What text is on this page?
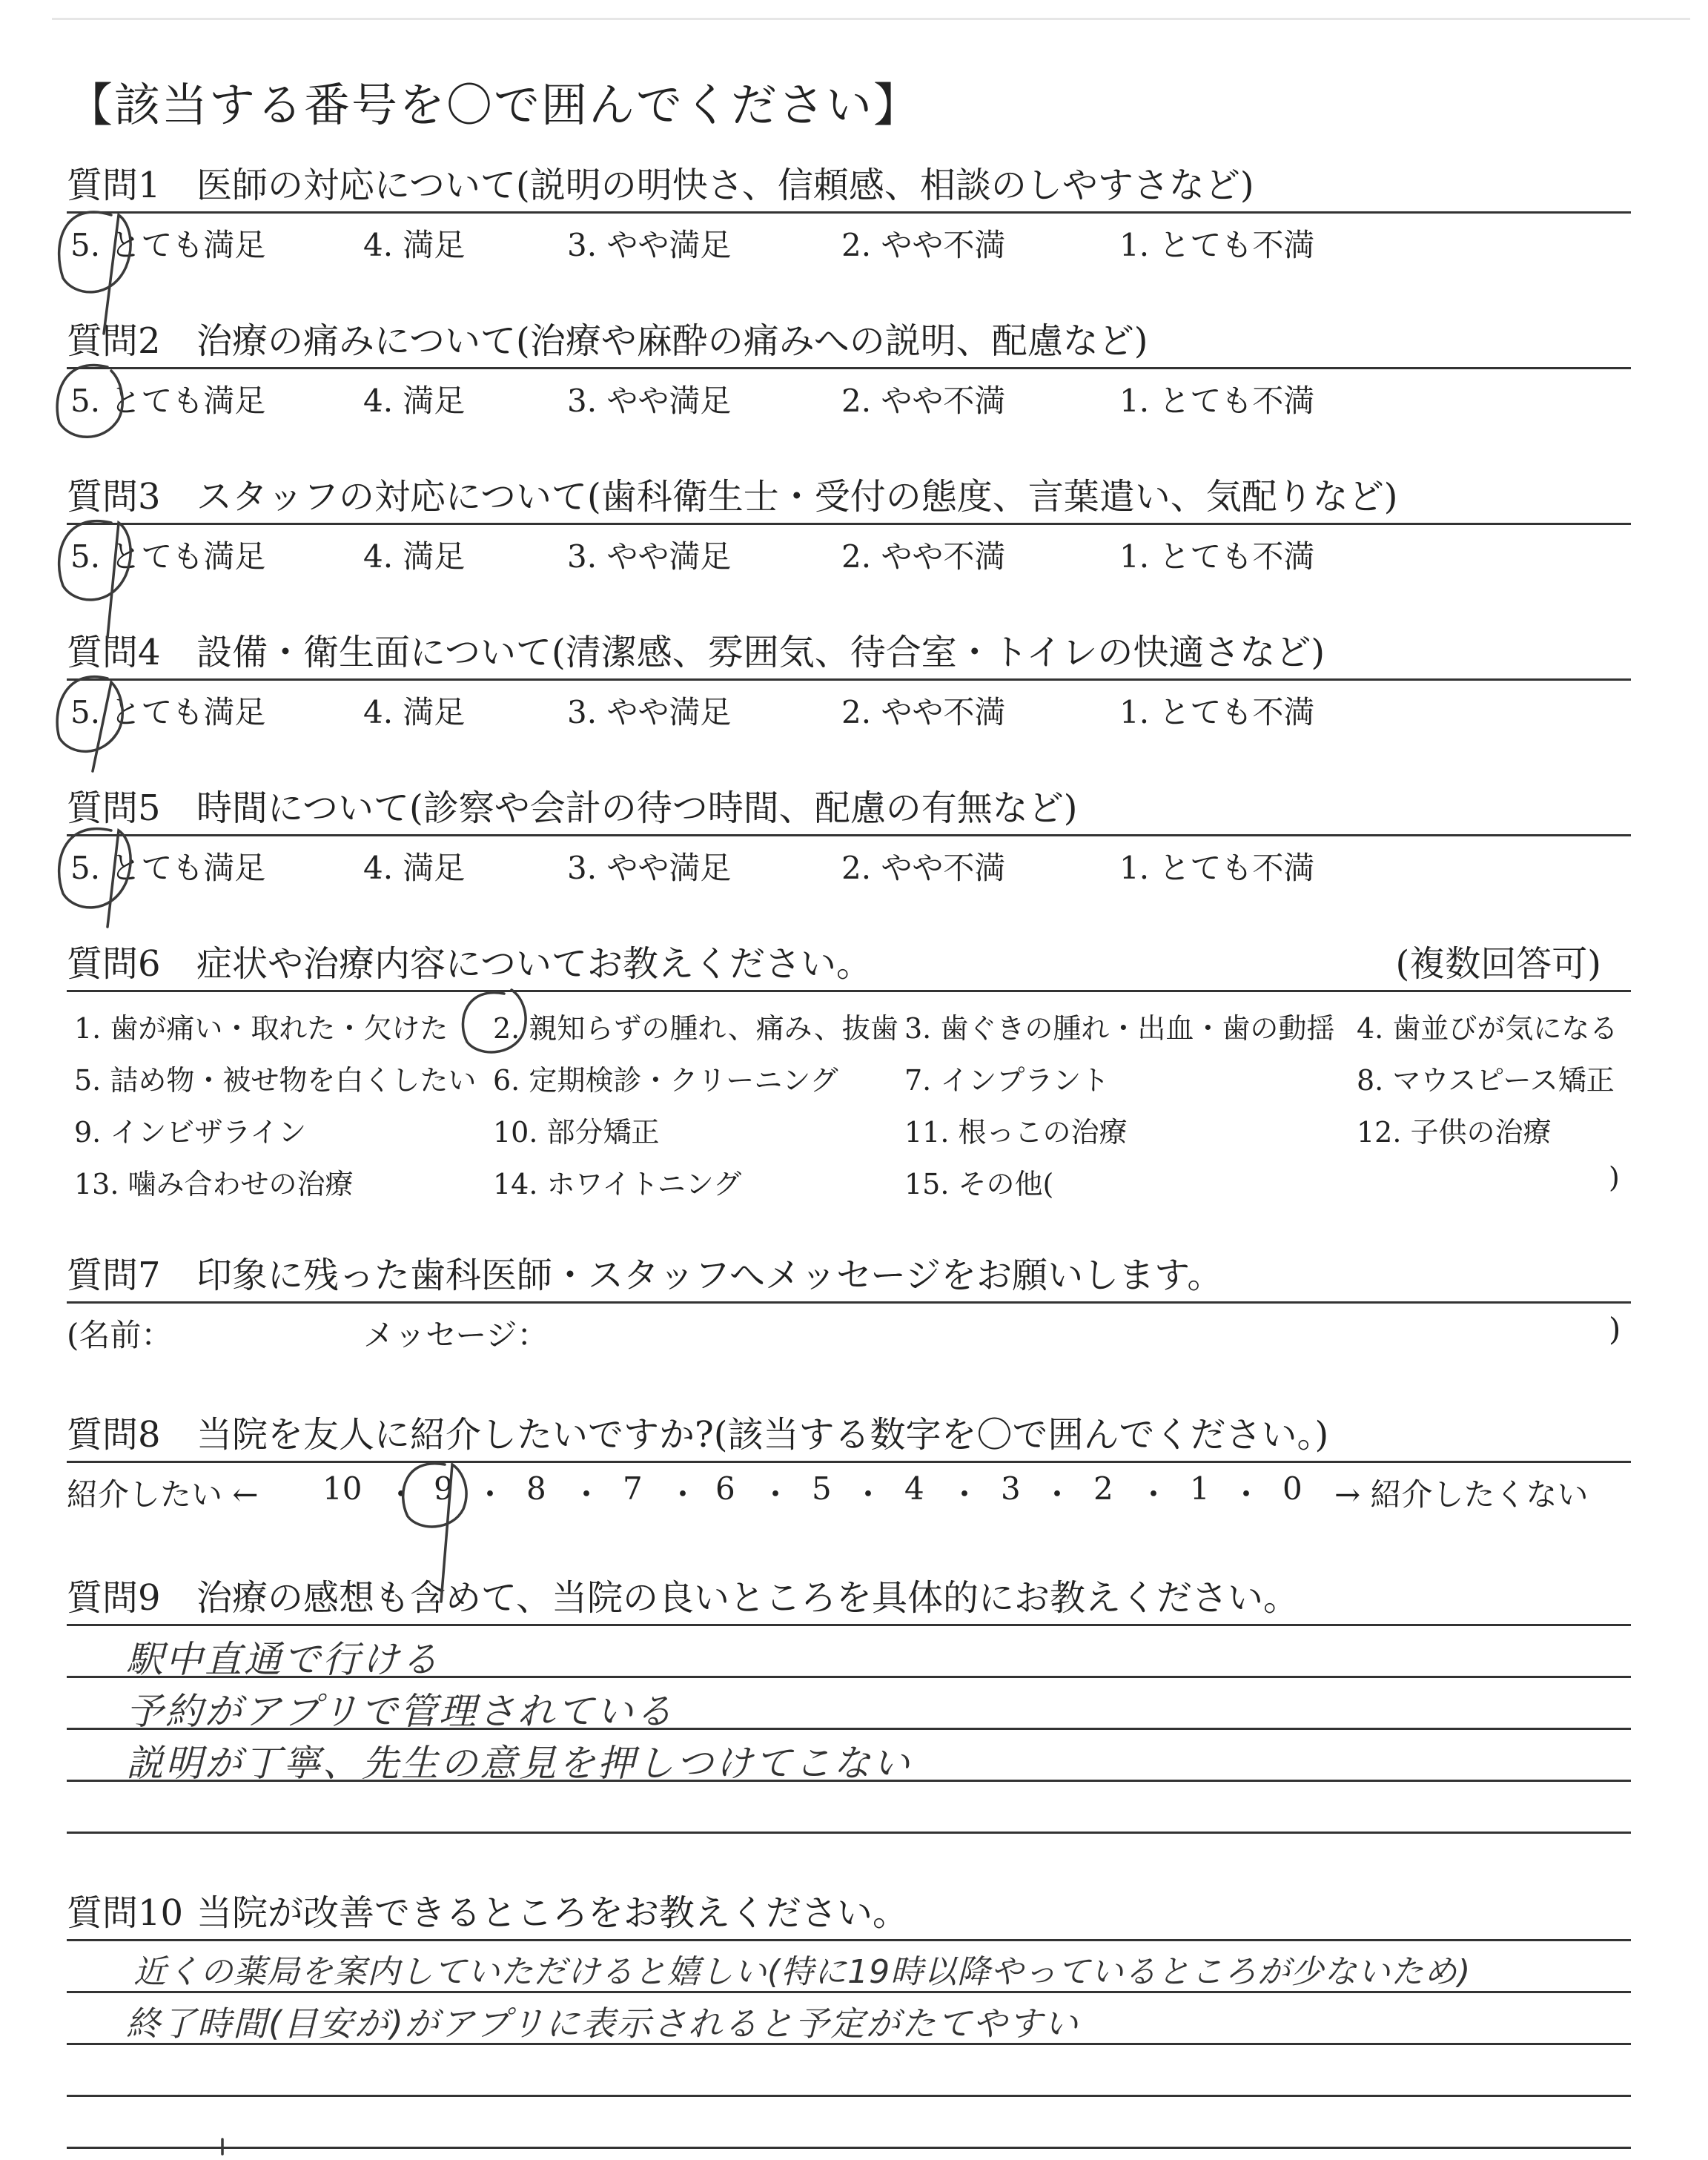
【該当する番号を〇で囲んでください】
質問1 医師の対応について(説明の明快さ、信頼感、相談のしやすさなど)
5. とても満足	4. 満足	3. やや満足	2. やや不満	1. とても不満
質問2 治療の痛みについて(治療や麻酔の痛みへの説明、配慮など)
5. とても満足	4. 満足	3. やや満足	2. やや不満	1. とても不満
質問3 スタッフの対応について(歯科衛生士・受付の態度、言葉遣い、気配りなど)
5. とても満足	4. 満足	3. やや満足	2. やや不満	1. とても不満
質問4 設備・衛生面について(清潔感、雰囲気、待合室・トイレの快適さなど)
5. とても満足	4. 満足	3. やや満足	2. やや不満	1. とても不満
質問5 時間について(診察や会計の待つ時間、配慮の有無など)
5. とても満足	4. 満足	3. やや満足	2. やや不満	1. とても不満
質問6 症状や治療内容についてお教えください。	(複数回答可)
1. 歯が痛い・取れた・欠けた 2. 親知らずの腫れ、痛み、抜歯 3. 歯ぐきの腫れ・出血・歯の動揺 4. 歯並びが気になる
5. 詰め物・被せ物を白くしたい 6. 定期検診・クリーニング 7. インプラント	8. マウスピース矯正
9. インビザライン	10. 部分矯正	11. 根っこの治療	12. 子供の治療
13. 噛み合わせの治療	14. ホワイトニング	15. その他(	)
質問7 印象に残った歯科医師・スタッフへメッセージをお願いします。
(名前：	メッセージ：	)
質問8 当院を友人に紹介したいですか?(該当する数字を〇で囲んでください。)
紹介したい ← 10 ・ 9 ・ 8 ・ 7 ・ 6 ・ 5 ・ 4 ・ 3 ・ 2 ・ 1 ・ 0 → 紹介したくない
質問9 治療の感想も含めて、当院の良いところを具体的にお教えください。
駅中直通で行ける
予約がアプリで管理されている
説明が丁寧、先生の意見を押しつけてこない
質問10 当院が改善できるところをお教えください。
近くの薬局を案内していただけると嬉しい(特に19時以降やっているところが少ないため)
終了時間(目安が)がアプリに表示されると予定がたてやすい
